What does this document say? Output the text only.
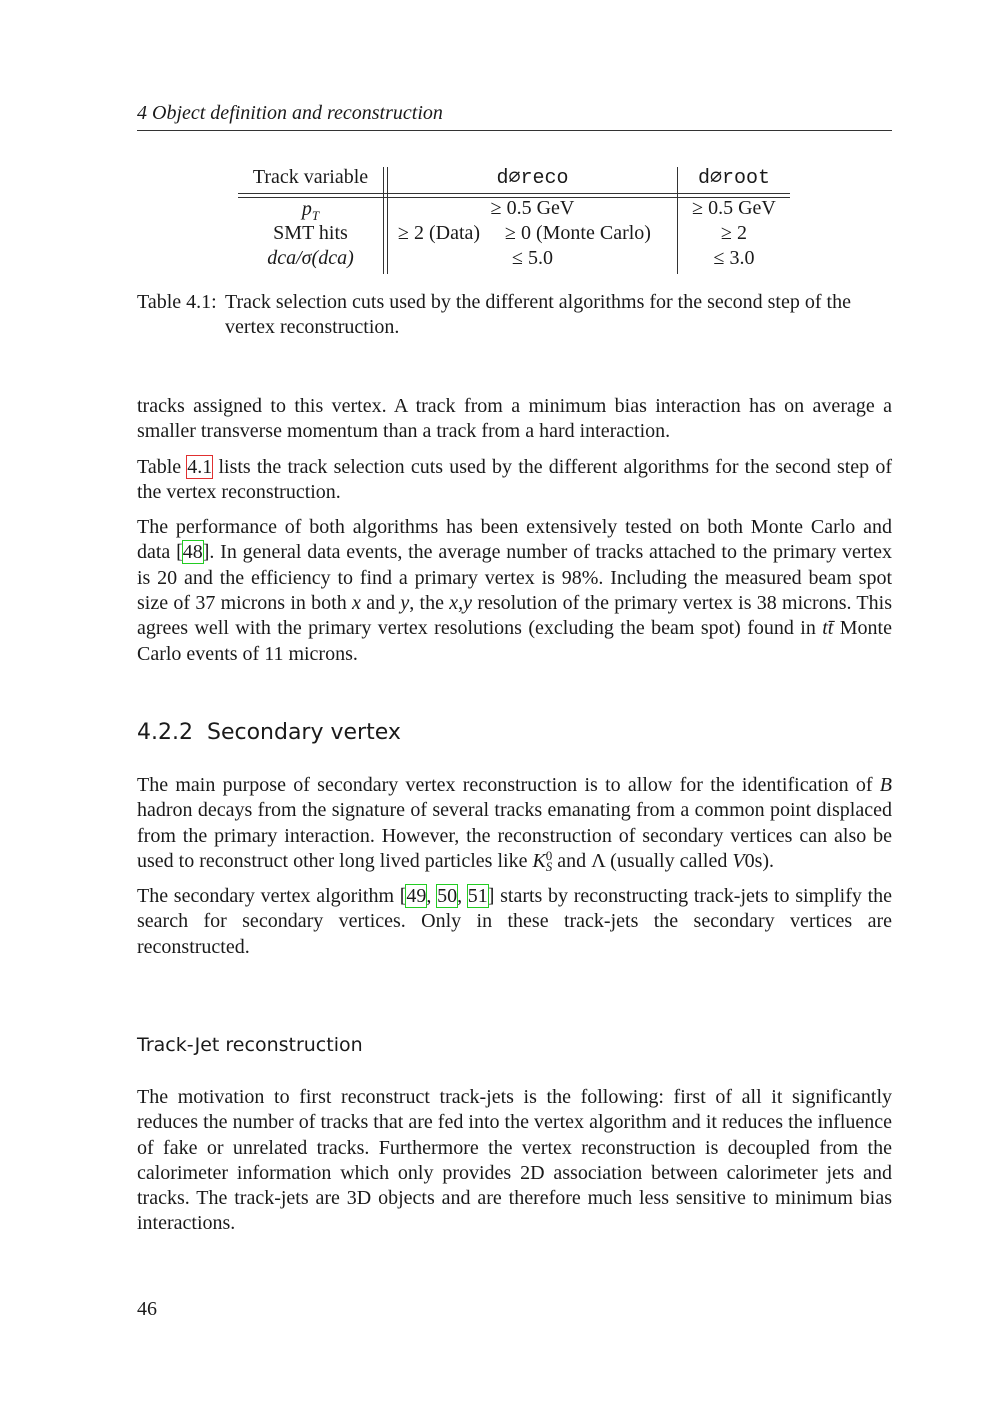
4 Object definition and reconstruction
Track variable	d∅reco	d∅root
$p_T$	≥ 0.5 GeV	≥ 0.5 GeV
SMT hits	≥ 2 (Data) ≥ 0 (Monte Carlo)	≥ 2
dca/σ(dca)	≤ 5.0	≤ 3.0
Table 4.1: Track selection cuts used by the different algorithms for the second step of the vertex reconstruction.

tracks assigned to this vertex. A track from a minimum bias interaction has on average a smaller transverse momentum than a track from a hard interaction.

Table 4.1 lists the track selection cuts used by the different algorithms for the second step of the vertex reconstruction.

The performance of both algorithms has been extensively tested on both Monte Carlo and data [48]. In general data events, the average number of tracks attached to the primary vertex is 20 and the efficiency to find a primary vertex is 98%. Including the measured beam spot size of 37 microns in both x and y, the x,y resolution of the primary vertex is 38 microns. This agrees well with the primary vertex resolutions (excluding the beam spot) found in tt̄ Monte Carlo events of 11 microns.

4.2.2 Secondary vertex

The main purpose of secondary vertex reconstruction is to allow for the identification of B hadron decays from the signature of several tracks emanating from a common point displaced from the primary interaction. However, the reconstruction of secondary vertices can also be used to reconstruct other long lived particles like K 0
S and Λ (usually called V0s).

The secondary vertex algorithm [49, 50, 51] starts by reconstructing track-jets to simplify the search for secondary vertices. Only in these track-jets the secondary vertices are reconstructed.

Track-Jet reconstruction

The motivation to first reconstruct track-jets is the following: first of all it significantly reduces the number of tracks that are fed into the vertex algorithm and it reduces the influence of fake or unrelated tracks. Furthermore the vertex reconstruction is decoupled from the calorimeter information which only provides 2D association between calorimeter jets and tracks. The track-jets are 3D objects and are therefore much less sensitive to minimum bias interactions.

46
